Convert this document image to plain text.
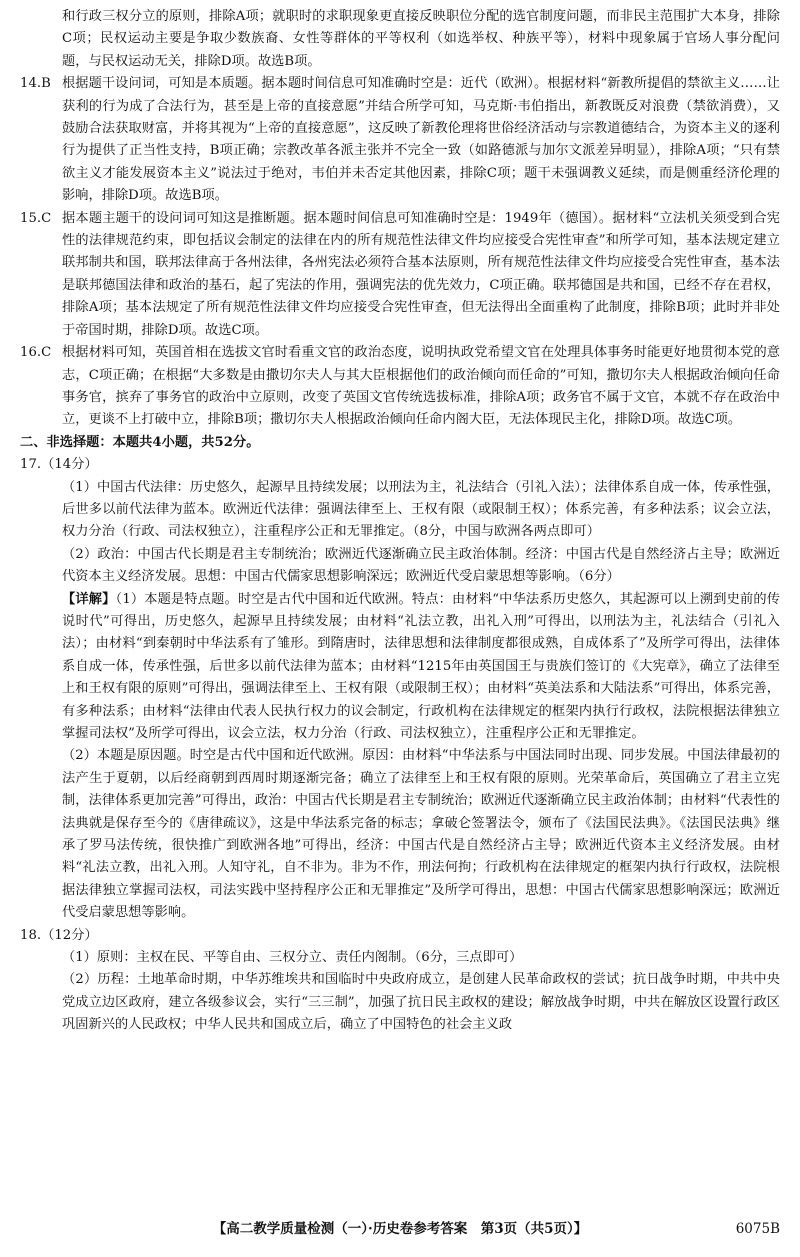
和行政三权分立的原则，排除A项；就职时的求职现象更直接反映职位分配的选官制度问题，而非民主范围扩大本身，排除C项；民权运动主要是争取少数族裔、女性等群体的平等权利（如选举权、种族平等），材料中现象属于官场人事分配问题，与民权运动无关，排除D项。故选B项。

14.B 根据题干设问词，可知是本质题。据本题时间信息可知准确时空是：近代（欧洲）。根据材料“新教所提倡的禁欲主义……让获利的行为成了合法行为，甚至是上帝的直接意愿”并结合所学可知，马克斯·韦伯指出，新教既反对浪费（禁欲消费），又鼓励合法获取财富，并将其视为“上帝的直接意愿”，这反映了新教伦理将世俗经济活动与宗教道德结合，为资本主义的逐利行为提供了正当性支持，B项正确；宗教改革各派主张并不完全一致（如路德派与加尔文派差异明显），排除A项；“只有禁欲主义才能发展资本主义”说法过于绝对，韦伯并未否定其他因素，排除C项；题干未强调教义延续，而是侧重经济伦理的影响，排除D项。故选B项。

15.C 据本题主题干的设问词可知这是推断题。据本题时间信息可知准确时空是：1949年（德国）。据材料“立法机关须受到合宪性的法律规范约束，即包括议会制定的法律在内的所有规范性法律文件均应接受合宪性审查”和所学可知，基本法规定建立联邦制共和国，联邦法律高于各州法律，各州宪法必须符合基本法原则，所有规范性法律文件均应接受合宪性审查，基本法是联邦德国法律和政治的基石，起了宪法的作用，强调宪法的优先效力，C项正确。联邦德国是共和国，已经不存在君权，排除A项；基本法规定了所有规范性法律文件均应接受合宪性审查，但无法得出全面重构了此制度，排除B项；此时并非处于帝国时期，排除D项。故选C项。

16.C 根据材料可知，英国首相在选拔文官时看重文官的政治态度，说明执政党希望文官在处理具体事务时能更好地贯彻本党的意志，C项正确；在根据“大多数是由撒切尔夫人与其大臣根据他们的政治倾向而任命的”可知，撒切尔夫人根据政治倾向任命事务官，摈弃了事务官的政治中立原则，改变了英国文官传统选拔标准，排除A项；政务官不属于文官，本就不存在政治中立，更谈不上打破中立，排除B项；撒切尔夫人根据政治倾向任命内阁大臣，无法体现民主化，排除D项。故选C项。

二、非选择题：本题共4小题，共52分。

17.（14分）

（1）中国古代法律：历史悠久，起源早且持续发展；以刑法为主，礼法结合（引礼入法）；法律体系自成一体，传承性强，后世多以前代法律为蓝本。欧洲近代法律：强调法律至上、王权有限（或限制王权）；体系完善，有多种法系；议会立法，权力分治（行政、司法权独立），注重程序公正和无罪推定。（8分，中国与欧洲各两点即可）

（2）政治：中国古代长期是君主专制统治；欧洲近代逐渐确立民主政治体制。经济：中国古代是自然经济占主导；欧洲近代资本主义经济发展。思想：中国古代儒家思想影响深远；欧洲近代受启蒙思想等影响。（6分）

【详解】（1）本题是特点题。时空是古代中国和近代欧洲。特点：由材料“中华法系历史悠久，其起源可以上溯到史前的传说时代”可得出，历史悠久，起源早且持续发展；由材料“礼法立教，出礼入刑”可得出，以刑法为主，礼法结合（引礼入法）；由材料“到秦朝时中华法系有了雏形。到隋唐时，法律思想和法律制度都很成熟，自成体系了”及所学可得出，法律体系自成一体，传承性强，后世多以前代法律为蓝本；由材料“1215年由英国国王与贵族们签订的《大宪章》，确立了法律至上和王权有限的原则”可得出，强调法律至上、王权有限（或限制王权）；由材料“英美法系和大陆法系”可得出，体系完善，有多种法系；由材料“法律由代表人民执行权力的议会制定，行政机构在法律规定的框架内执行行政权，法院根据法律独立掌握司法权”及所学可得出，议会立法，权力分治（行政、司法权独立），注重程序公正和无罪推定。

（2）本题是原因题。时空是古代中国和近代欧洲。原因：由材料“中华法系与中国法同时出现、同步发展。中国法律最初的法产生于夏朝，以后经商朝到西周时期逐渐完备；确立了法律至上和王权有限的原则。光荣革命后，英国确立了君主立宪制，法律体系更加完善”可得出，政治：中国古代长期是君主专制统治；欧洲近代逐渐确立民主政治体制；由材料“代表性的法典就是保存至今的《唐律疏议》，这是中华法系完备的标志；拿破仑签署法令，颁布了《法国民法典》。《法国民法典》继承了罗马法传统，很快推广到欧洲各地”可得出，经济：中国古代是自然经济占主导；欧洲近代资本主义经济发展。由材料“礼法立教，出礼入刑。人知守礼，自不非为。非为不作，刑法何拘；行政机构在法律规定的框架内执行行政权，法院根据法律独立掌握司法权，司法实践中坚持程序公正和无罪推定”及所学可得出，思想：中国古代儒家思想影响深远；欧洲近代受启蒙思想等影响。

18.（12分）

（1）原则：主权在民、平等自由、三权分立、责任内阁制。（6分，三点即可）

（2）历程：土地革命时期，中华苏维埃共和国临时中央政府成立，是创建人民革命政权的尝试；抗日战争时期，中共中央党成立边区政府，建立各级参议会，实行“三三制”，加强了抗日民主政权的建设；解放战争时期，中共在解放区设置行政区巩固新兴的人民政权；中华人民共和国成立后，确立了中国特色的社会主义政

【高二教学质量检测（一）·历史卷参考答案　第3页（共5页）】	6075B
